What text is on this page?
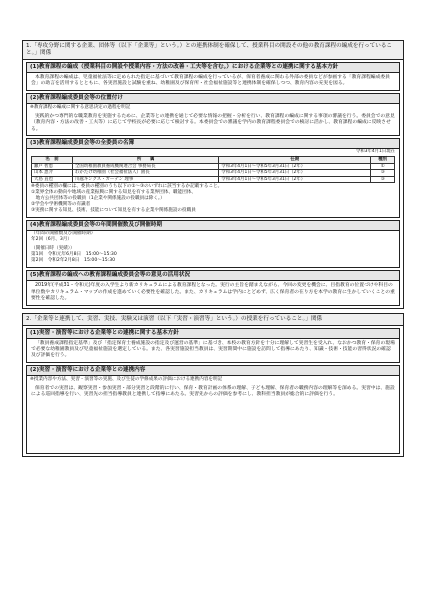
1.「専攻分野に関する企業、団体等（以下「企業等」という。）との連携体制を確保して、授業科目の開設その他の教育課程の編成を行っていること。」関係
(1)教育課程の編成（授業科目の開設や授業内容・方法の改善・工夫等を含む。）における企業等との連携に関する基本方針
本教育課程の編成は、児童福祉法等に定められた指定に基づいて教育課程の編成を行っているが、保育者養成に関わる外部の委員などが参画する「教育課程編成委員会」の助言を活用するとともに、各実習施設と試験を重ね、幼稚園及び保育所・社会福祉施設等と連携体制を確保しつつ、教育内容の充実を図る。
(2)教育課程編成委員会等の位置付け
※教育課程の編成に関する意思決定の過程を明記
実践的かつ専門的な職業教育を実施するために、企業等との連携を通じて必要な情報の把握・分析を行い、教育課程の編成に関する事項の審議を行う。委員会での意見（教育内容・方法の改善・工夫等）に応じて学校長が必要に応じて検討する。本委員会での審議を学内の教育課程委員会での検討に活かし、教育課程の編成に反映させる。
(3)教育課程編成委員会等の全委員の名簿
令和3年4月1日現在
名　前	所　　属	任期	種別
瀬戸 智恵	全国幼稚園教員養成機関連合会 事務局長	令和3年4月1日～令和5年3月31日（2年）	①
山本 恵介	わかたけ幼稚園（社会福祉法人）園長	令和3年4月1日～令和5年3月31日（2年）	③
大島 直也	川越キングス・ガーデン 理事	令和3年4月1日～令和5年3月31日（2年）	③
※委員の種別の欄には、委員の種別のうち以下の①～③のいずれに該当するか記載すること。
①業界全体の動向や地域の産業振興に関する知見を有する業界団体、職能団体、
　地方公共団体等の役職員（1企業や関係施設の役職員は除く。）
②学会や学術機関等の有識者
③実務に関する知見、技術、技能について知見を有する企業や関係施設の役職員
(4)教育課程編成委員会等の年間開催数及び開催時期
（年間の開催数及び開催時期）
年2回（6月、3月）
（開催日時（実績））
第1回　令和元年6月8日　15:00～15:30
第2回　令和2年2月8日　15:00～15:30
(5)教育課程の編成への教育課程編成委員会等の意見の活用状況
2019年(平成31・令和元)年度の入学生より新カリキュラムによる教育課程となった。実行の主旨を踏まえながら、今回の変更を機会に、目指教育の位置づけや科目の単位数やカリキュラム・マップの作成を進めていく必要性を確認した。また、カリキュラムは学内にとどめず、広く保育者の在り方を本学の教育に生かしていくことの重要性を確認した。
2.「企業等と連携して、実習、実技、実験又は演習（以下「実習・演習等」という。）の授業を行っていること。」関係
(1)実習・演習等における企業等との連携に関する基本方針
「教員養成課程指定基準」及び「指定保育士養成施設の指定及び運営の基準」に基づき、本校の教育方針を十分に理解して実習生を受入れ、なおかつ教育・保育の現場で必要な幼稚園教員及び児童福祉施設を選定している。また、各実習施設担当教員は、実習期間中に施設を訪問して指導にあたり、知識・技術・技能の習得状況の確認及び評価を行う。
(2)実習・演習等における企業等との連携内容
※授業内容や方法、実習・演習等の実施、及び生徒の学修成果の評価における連携内容を明記
保育者での実習は、観察実習・参加実習・部分実習と段階的に行い、保育・教育計画の体系の理解、子ども理解、保育者の職務内容の理解等を深める。実習中は、施設による巡回指導を行い、実習先の担当指導教員と連携して指導にあたる。実習先からの評価を参考にし、教科担当教員が総合的に評価を行う。
